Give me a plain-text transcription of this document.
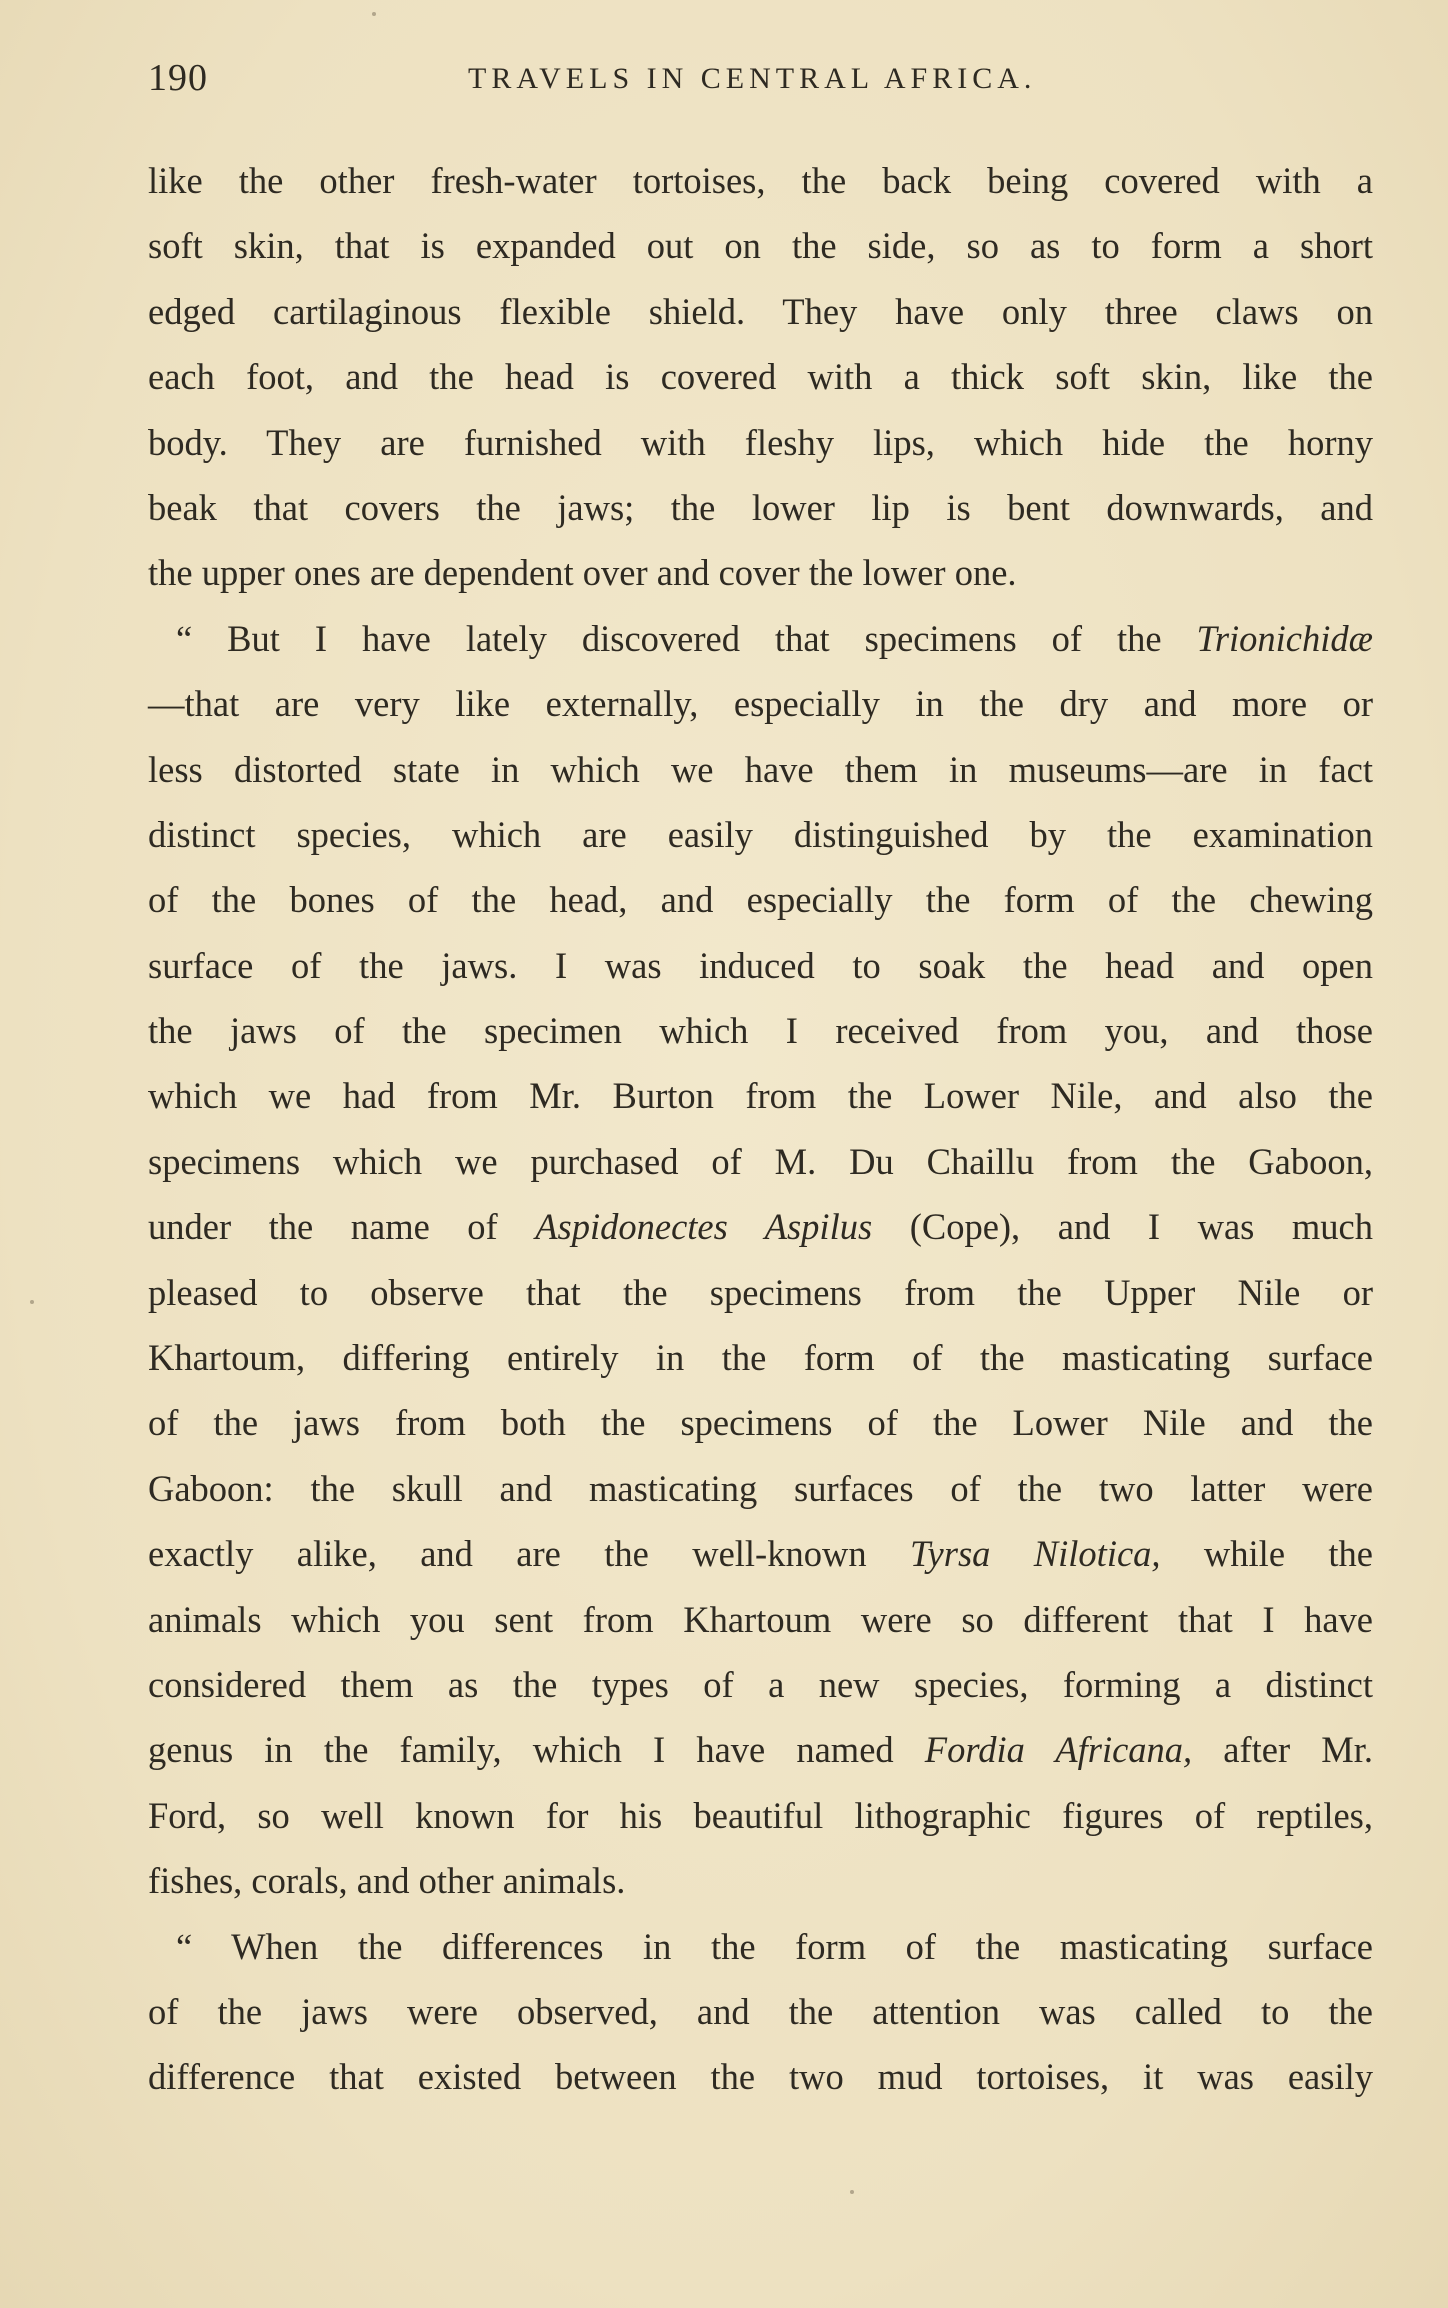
190	TRAVELS IN CENTRAL AFRICA.
like the other fresh-water tortoises, the back being covered with a
soft skin, that is expanded out on the side, so as to form a short
edged cartilaginous flexible shield. They have only three claws on
each foot, and the head is covered with a thick soft skin, like the
body. They are furnished with fleshy lips, which hide the horny
beak that covers the jaws; the lower lip is bent downwards, and
the upper ones are dependent over and cover the lower one.
“ But I have lately discovered that specimens of the Trionichidæ
—that are very like externally, especially in the dry and more or
less distorted state in which we have them in museums—are in fact
distinct species, which are easily distinguished by the examination
of the bones of the head, and especially the form of the chewing
surface of the jaws. I was induced to soak the head and open
the jaws of the specimen which I received from you, and those
which we had from Mr. Burton from the Lower Nile, and also the
specimens which we purchased of M. Du Chaillu from the Gaboon,
under the name of Aspidonectes Aspilus (Cope), and I was much
pleased to observe that the specimens from the Upper Nile or
Khartoum, differing entirely in the form of the masticating surface
of the jaws from both the specimens of the Lower Nile and the
Gaboon: the skull and masticating surfaces of the two latter were
exactly alike, and are the well-known Tyrsa Nilotica, while the
animals which you sent from Khartoum were so different that I have
considered them as the types of a new species, forming a distinct
genus in the family, which I have named Fordia Africana, after Mr.
Ford, so well known for his beautiful lithographic figures of reptiles,
fishes, corals, and other animals.
“ When the differences in the form of the masticating surface
of the jaws were observed, and the attention was called to the
difference that existed between the two mud tortoises, it was easily
